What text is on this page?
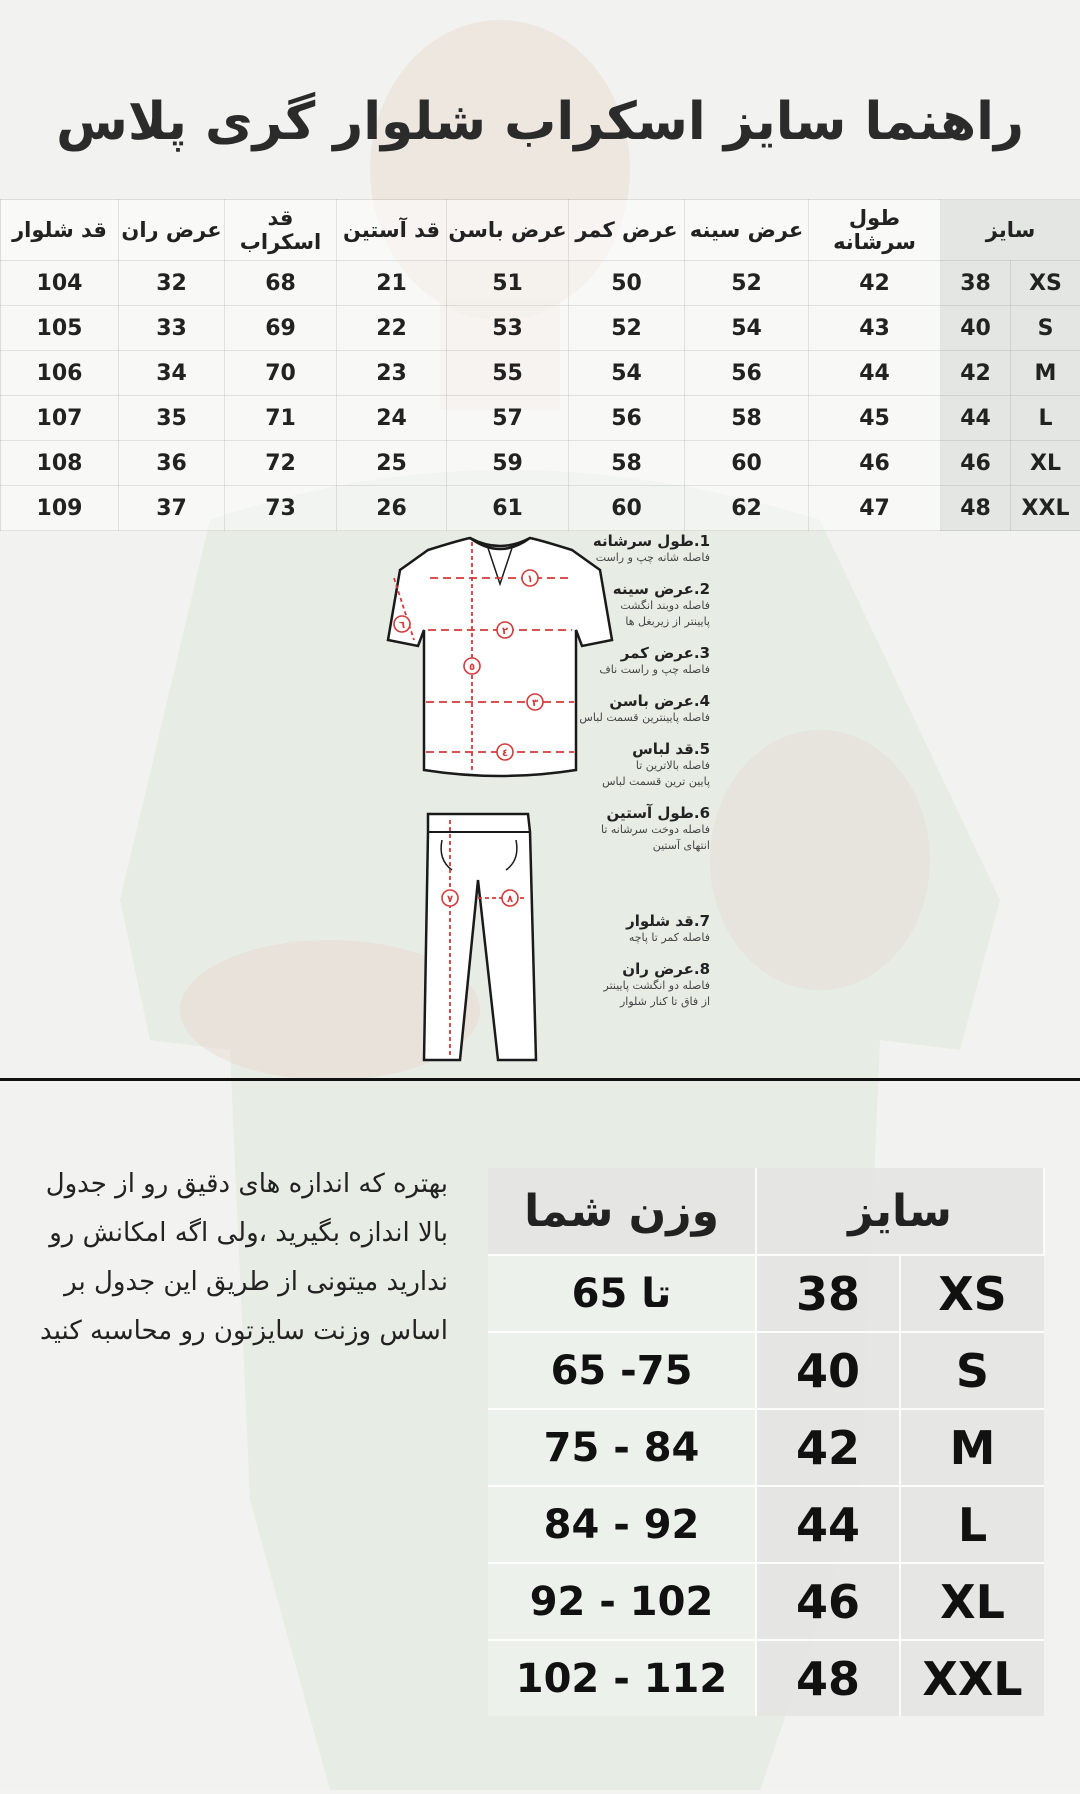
راهنما سایز اسکراب شلوار گری پلاس
سایز		طول سرشانه	عرض سینه	عرض کمر	عرض باسن	قد آستین	قد اسکراب	عرض ران	قد شلوار
XS	38	42	52	50	51	21	68	32	104
S	40	43	54	52	53	22	69	33	105
M	42	44	56	54	55	23	70	34	106
L	44	45	58	56	57	24	71	35	107
XL	46	46	60	58	59	25	72	36	108
XXL	48	47	62	60	61	26	73	37	109
١
٢
٣
٤
٥
٦
٧	٨
1.طول سرشانه
فاصله شانه چپ و راست
2.عرض سینه
فاصله دوبند انگشت
پایینتر از زیربغل ها
3.عرض کمر
فاصله چپ و راست ناف
4.عرض باسن
فاصله پایینترین قسمت لباس
5.قد لباس
فاصله بالاترین تا
پایین ترین قسمت لباس
6.طول آستین
فاصله دوخت سرشانه تا
انتهای آستین
7.قد شلوار
فاصله کمر تا پاچه
8.عرض ران
فاصله دو انگشت پایینتر
از فاق تا کنار شلوار
بهتره که اندازه های دقیق رو از جدول بالا اندازه بگیرید ،ولی اگه امکانش رو ندارید میتونی از طریق این جدول بر اساس وزنت سایزتون رو محاسبه کنید
سایز		وزن شما
XS	38	تا 65
S	40	65 -75
M	42	75 - 84
L	44	84 - 92
XL	46	92 - 102
XXL	48	102 - 112
